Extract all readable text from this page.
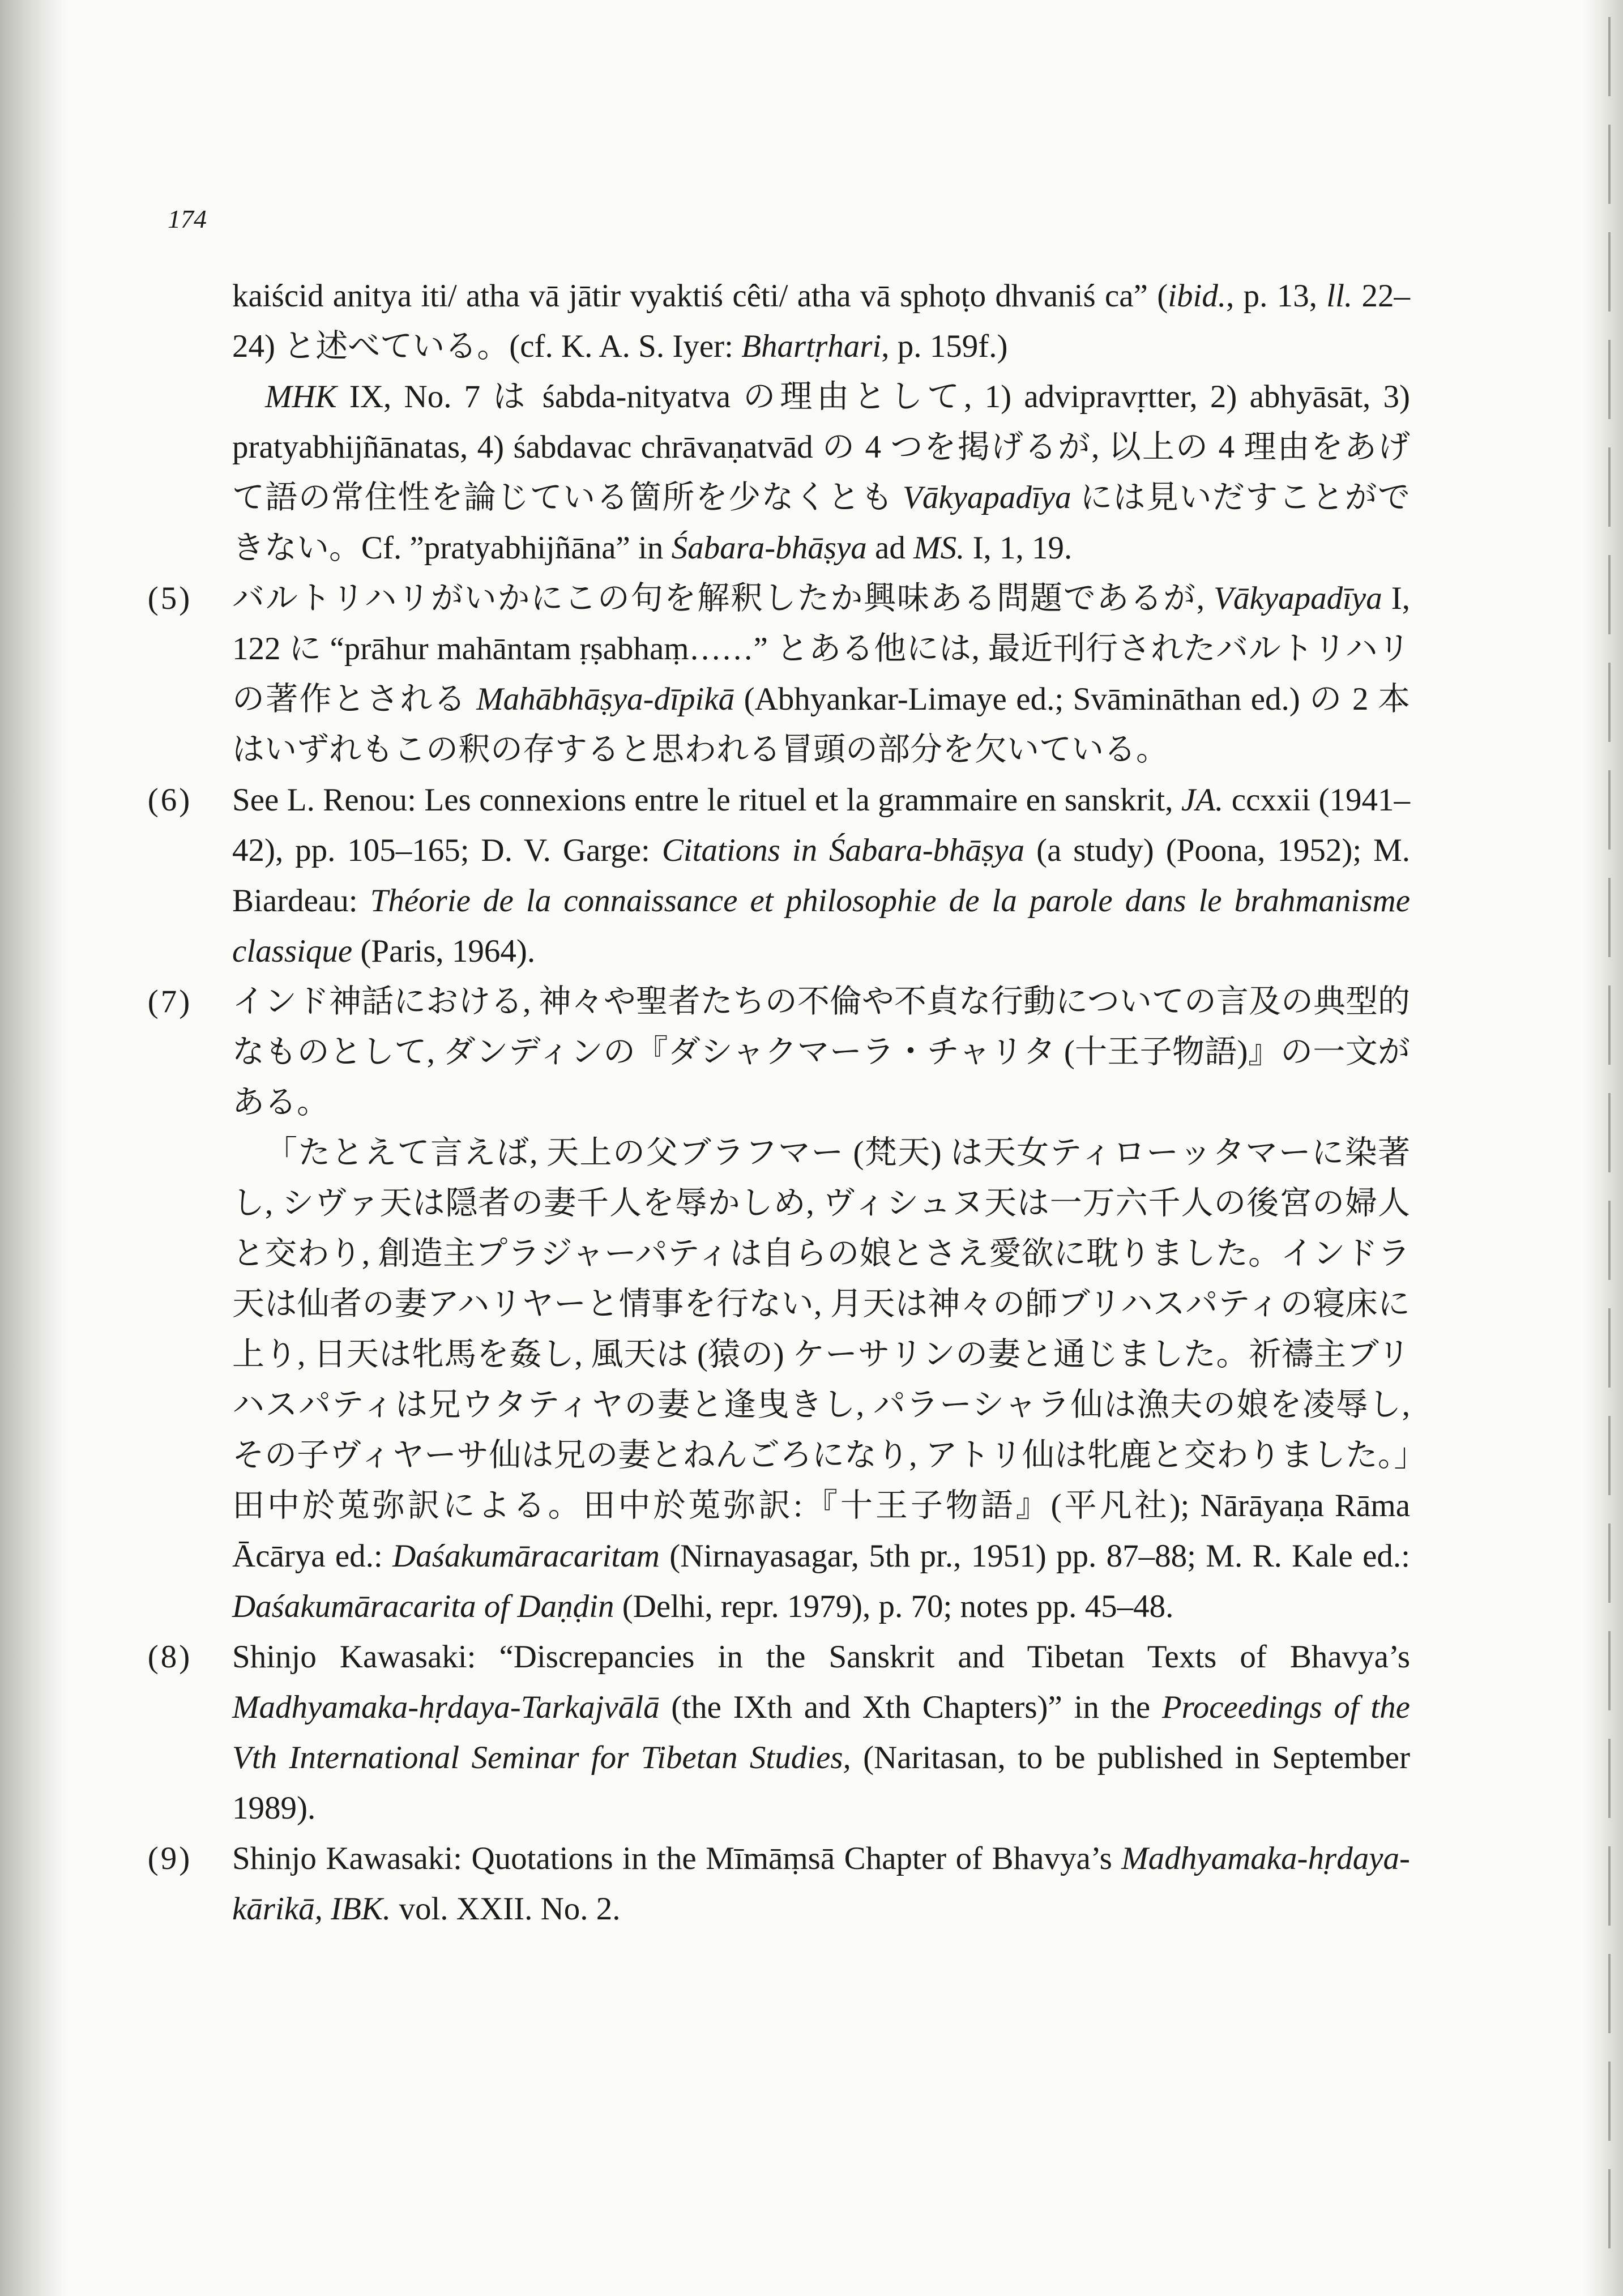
174

kaiścid anitya iti/ atha vā jātir vyaktiś cêti/ atha vā sphoṭo dhvaniś ca” (ibid., p. 13, ll. 22–24) と述べている。(cf. K. A. S. Iyer: Bhartṛhari, p. 159f.)

MHK IX, No. 7 は śabda-nityatva の理由として, 1) advipravṛtter, 2) abhyāsāt, 3) pratyabhijñānatas, 4) śabdavac chrāvaṇatvād の 4 つを掲げるが, 以上の 4 理由をあげて語の常住性を論じている箇所を少なくとも Vākyapadīya には見いだすことができない。Cf. ”pratyabhijñāna” in Śabara-bhāṣya ad MS. I, 1, 19.

(5)	バルトリハリがいかにこの句を解釈したか興味ある問題であるが, Vākyapadīya I, 122 に “prāhur mahāntam ṛṣabhaṃ……” とある他には, 最近刊行されたバルトリハリの著作とされる Mahābhāṣya-dīpikā (Abhyankar-Limaye ed.; Svāmināthan ed.) の 2 本はいずれもこの釈の存すると思われる冒頭の部分を欠いている。

(6)	See L. Renou: Les connexions entre le rituel et la grammaire en sanskrit, JA. ccxxii (1941–42), pp. 105–165; D. V. Garge: Citations in Śabara-bhāṣya (a study) (Poona, 1952); M. Biardeau: Théorie de la connaissance et philosophie de la parole dans le brahmanisme classique (Paris, 1964).

(7)	インド神話における, 神々や聖者たちの不倫や不貞な行動についての言及の典型的なものとして, ダンディンの『ダシャクマーラ・チャリタ (十王子物語)』の一文がある。

「たとえて言えば, 天上の父ブラフマー (梵天) は天女ティローッタマーに染著し, シヴァ天は隠者の妻千人を辱かしめ, ヴィシュヌ天は一万六千人の後宮の婦人と交わり, 創造主プラジャーパティは自らの娘とさえ愛欲に耽りました。インドラ天は仙者の妻アハリヤーと情事を行ない, 月天は神々の師ブリハスパティの寝床に上り, 日天は牝馬を姦し, 風天は (猿の) ケーサリンの妻と通じました。祈禱主ブリハスパティは兄ウタティヤの妻と逢曳きし, パラーシャラ仙は漁夫の娘を凌辱し, その子ヴィヤーサ仙は兄の妻とねんごろになり, アトリ仙は牝鹿と交わりました。」田中於莵弥訳による。田中於莵弥訳:『十王子物語』(平凡社); Nārāyaṇa Rāma Ācārya ed.: Daśakumāracaritam (Nirnayasagar, 5th pr., 1951) pp. 87–88; M. R. Kale ed.: Daśakumāracarita of Daṇḍin (Delhi, repr. 1979), p. 70; notes pp. 45–48.

(8)	Shinjo Kawasaki: “Discrepancies in the Sanskrit and Tibetan Texts of Bhavya’s Madhyamaka-hṛdaya-Tarkajvālā (the IXth and Xth Chapters)” in the Proceedings of the Vth International Seminar for Tibetan Studies, (Naritasan, to be published in September 1989).

(9)	Shinjo Kawasaki: Quotations in the Mīmāṃsā Chapter of Bhavya’s Madhyamaka-hṛdaya-kārikā, IBK. vol. XXII. No. 2.
